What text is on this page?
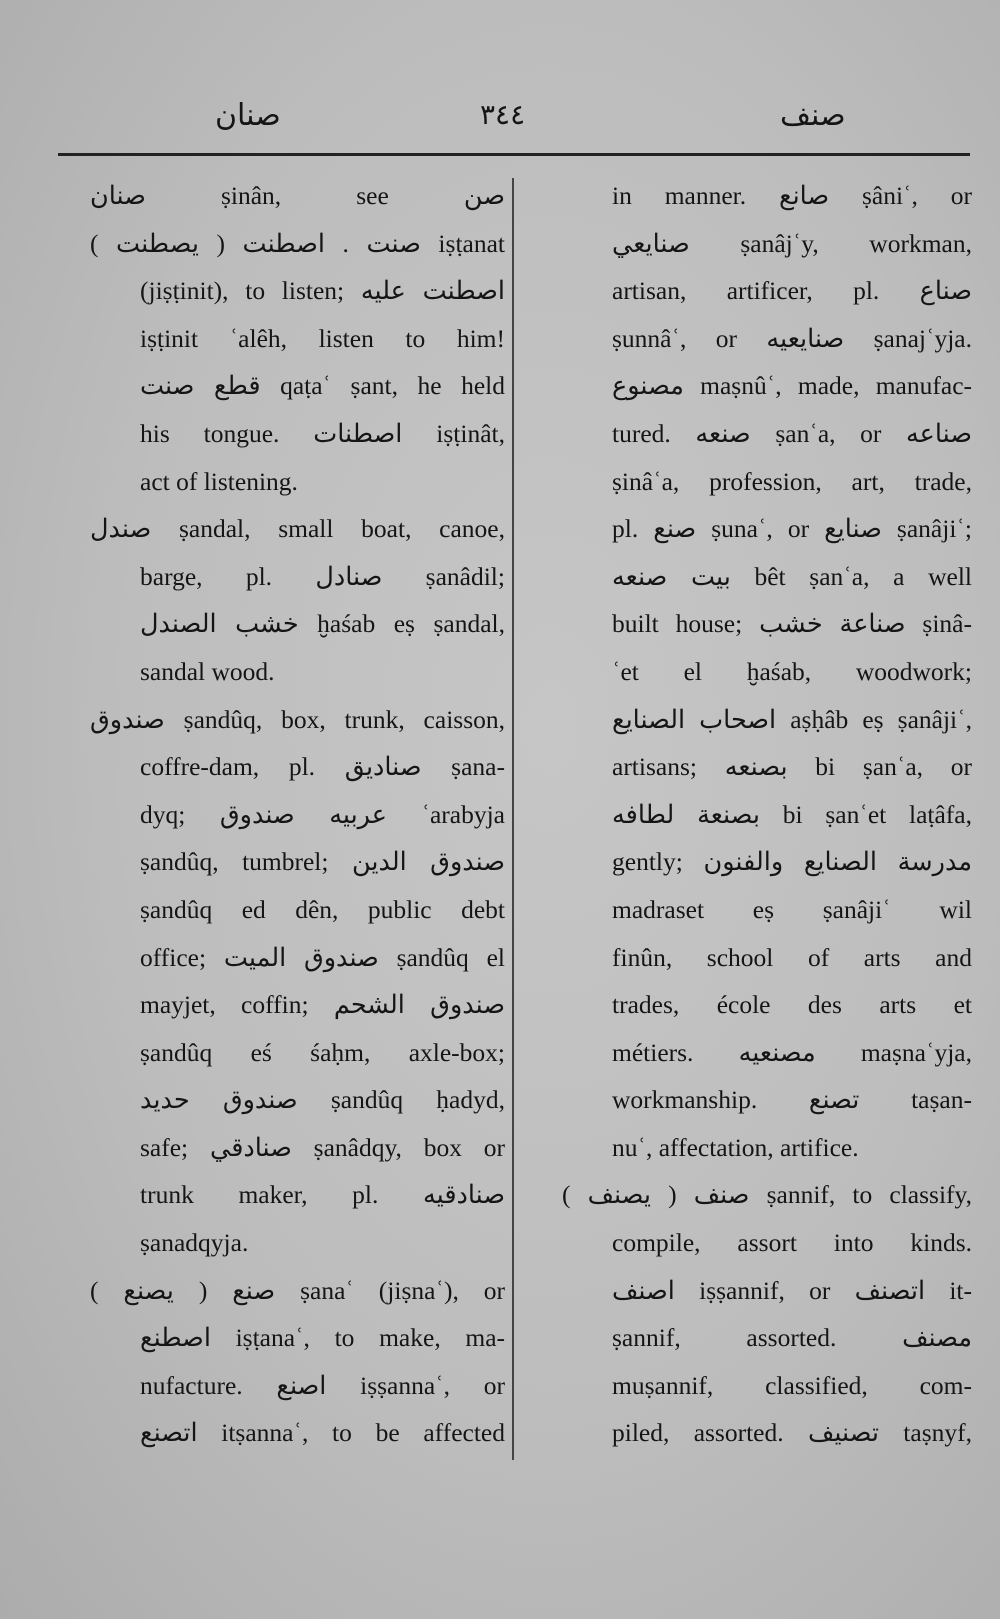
صنان	٣٤٤	صنف
صنان ṣinân, see صن
صنت . اصطنت ( يصطنت ) iṣṭanat
(jiṣṭinit), to listen; اصطنت عليه
iṣṭinit ʿalêh, listen to him!
قطع صنت qaṭaʿ ṣant, he held
his tongue. اصطنات iṣṭinât,
act of listening.
صندل ṣandal, small boat, canoe,
barge, pl. صنادل ṣanâdil;
خشب الصندل ḫaśab eṣ ṣandal,
sandal wood.
صندوق ṣandûq, box, trunk, caisson,
coffre-dam, pl. صناديق ṣana-
dyq; عربيه صندوق ʿarabyja
ṣandûq, tumbrel; صندوق الدين
ṣandûq ed dên, public debt
office; صندوق الميت ṣandûq el
mayjet, coffin; صندوق الشحم
ṣandûq eś śaḥm, axle-box;
صندوق حديد ṣandûq ḥadyd,
safe; صنادقي ṣanâdqy, box or
trunk maker, pl. صنادقيه
ṣanadqyja.
صنع ( يصنع ) ṣanaʿ (jiṣnaʿ), or
اصطنع iṣṭanaʿ, to make, ma-
nufacture. اصنع iṣṣannaʿ, or
اتصنع itṣannaʿ, to be affected
in manner. صانع ṣâniʿ, or
صنايعي ṣanâjʿy, workman,
artisan, artificer, pl. صناع
ṣunnâʿ, or صنايعيه ṣanajʿyja.
مصنوع maṣnûʿ, made, manufac-
tured. صنعه ṣanʿa, or صناعه
ṣinâʿa, profession, art, trade,
pl. صنع ṣunaʿ, or صنايع ṣanâjiʿ;
بيت صنعه bêt ṣanʿa, a well
built house; صناعة خشب ṣinâ-
ʿet el ḫaśab, woodwork;
اصحاب الصنايع aṣḥâb eṣ ṣanâjiʿ,
artisans; بصنعه bi ṣanʿa, or
بصنعة لطافه bi ṣanʿet laṭâfa,
gently; مدرسة الصنايع والفنون
madraset eṣ ṣanâjiʿ wil
finûn, school of arts and
trades, école des arts et
métiers. مصنعيه maṣnaʿyja,
workmanship. تصنع taṣan-
nuʿ, affectation, artifice.
صنف ( يصنف ) ṣannif, to classify,
compile, assort into kinds.
اصنف iṣṣannif, or اتصنف it-
ṣannif, assorted. مصنف
muṣannif, classified, com-
piled, assorted. تصنيف taṣnyf,
